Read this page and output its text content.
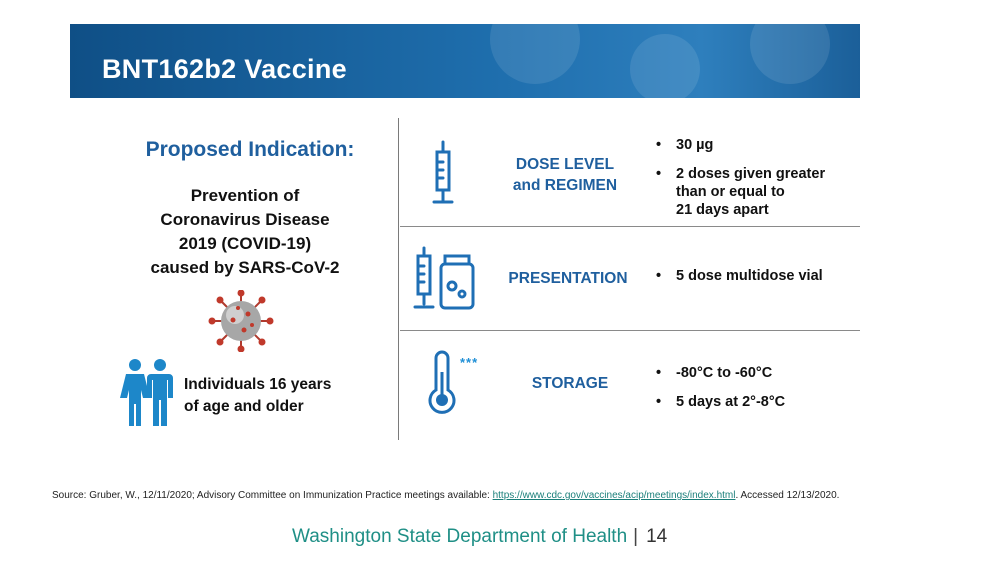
BNT162b2 Vaccine
Proposed Indication:
Prevention of
Coronavirus Disease
2019 (COVID-19)
caused by SARS-CoV-2
Individuals 16 years
of age and older
DOSE LEVEL
and REGIMEN
• 30 µg
• 2 doses given greater
than or equal to
21 days apart
PRESENTATION	• 5 dose multidose vial
***
STORAGE
• -80°C to -60°C
• 5 days at 2°-8°C
Source: Gruber, W., 12/11/2020; Advisory Committee on Immunization Practice meetings available: https://www.cdc.gov/vaccines/acip/meetings/index.html. Accessed 12/13/2020.
Washington State Department of Health | 14
